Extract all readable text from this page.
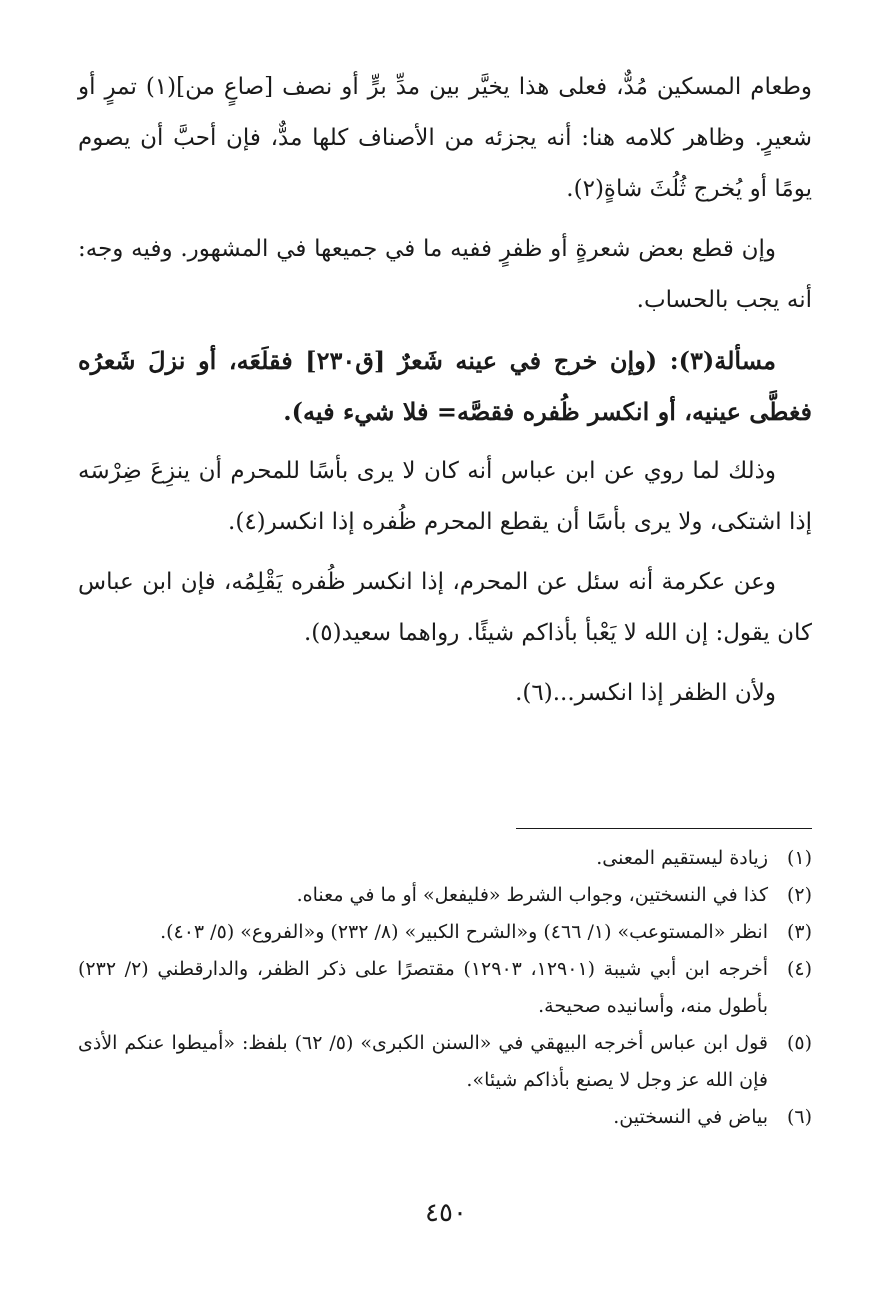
وطعام المسكين مُدٌّ، فعلى هذا يخيَّر بين مدِّ برٍّ أو نصف [صاعٍ من](١) تمرٍ أو شعيرٍ. وظاهر كلامه هنا: أنه يجزئه من الأصناف كلها مدٌّ، فإن أحبَّ أن يصوم يومًا أو يُخرج ثُلُثَ شاةٍ(٢).

وإن قطع بعض شعرةٍ أو ظفرٍ ففيه ما في جميعها في المشهور. وفيه وجه: أنه يجب بالحساب.

مسألة(٣): (وإن خرج في عينه شَعرٌ [ق٢٣٠] فقلَعَه، أو نزلَ شَعرُه فغطَّى عينيه، أو انكسر ظُفره فقصَّه= فلا شيء فيه).

وذلك لما روي عن ابن عباس أنه كان لا يرى بأسًا للمحرم أن ينزِعَ ضِرْسَه إذا اشتكى، ولا يرى بأسًا أن يقطع المحرم ظُفره إذا انكسر(٤).

وعن عكرمة أنه سئل عن المحرم، إذا انكسر ظُفره يَقْلِمُه، فإن ابن عباس كان يقول: إن الله لا يَعْبأ بأذاكم شيئًا. رواهما سعيد(٥).

ولأن الظفر إذا انكسر...(٦).

(١)
زيادة ليستقيم المعنى.
(٢)
كذا في النسختين، وجواب الشرط «فليفعل» أو ما في معناه.
(٣)
انظر «المستوعب» (١/ ٤٦٦) و«الشرح الكبير» (٨/ ٢٣٢) و«الفروع» (٥/ ٤٠٣).
(٤)
أخرجه ابن أبي شيبة (١٢٩٠١، ١٢٩٠٣) مقتصرًا على ذكر الظفر، والدارقطني (٢/ ٢٣٢) بأطول منه، وأسانيده صحيحة.
(٥)
قول ابن عباس أخرجه البيهقي في «السنن الكبرى» (٥/ ٦٢) بلفظ: «أميطوا عنكم الأذى فإن الله عز وجل لا يصنع بأذاكم شيئا».
(٦)
بياض في النسختين.
٤٥٠
